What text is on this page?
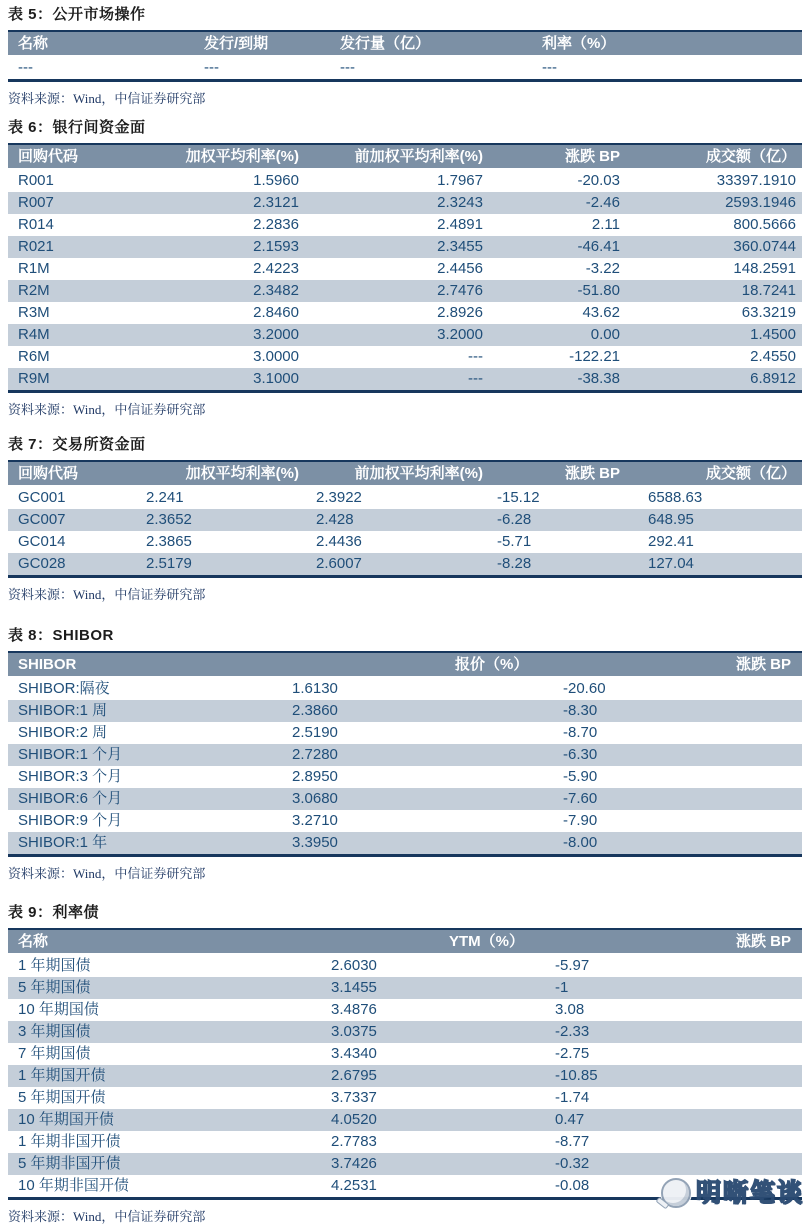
表 5：公开市场操作
名称	发行/到期	发行量（亿）	利率（%）
---	---	---	---
资料来源：Wind，中信证券研究部
表 6：银行间资金面
回购代码	加权平均利率(%)	前加权平均利率(%)	涨跌 BP	成交额（亿）
R001	1.5960	1.7967	-20.03	33397.1910
R007	2.3121	2.3243	-2.46	2593.1946
R014	2.2836	2.4891	2.11	800.5666
R021	2.1593	2.3455	-46.41	360.0744
R1M	2.4223	2.4456	-3.22	148.2591
R2M	2.3482	2.7476	-51.80	18.7241
R3M	2.8460	2.8926	43.62	63.3219
R4M	3.2000	3.2000	0.00	1.4500
R6M	3.0000	---	-122.21	2.4550
R9M	3.1000	---	-38.38	6.8912
资料来源：Wind，中信证券研究部
表 7：交易所资金面
回购代码	加权平均利率(%)	前加权平均利率(%)	涨跌 BP	成交额（亿）
GC001	2.241	2.3922	-15.12	6588.63
GC007	2.3652	2.428	-6.28	648.95
GC014	2.3865	2.4436	-5.71	292.41
GC028	2.5179	2.6007	-8.28	127.04
资料来源：Wind，中信证券研究部
表 8：SHIBOR
SHIBOR	报价（%）	涨跌 BP
SHIBOR:隔夜	1.6130	-20.60
SHIBOR:1 周	2.3860	-8.30
SHIBOR:2 周	2.5190	-8.70
SHIBOR:1 个月	2.7280	-6.30
SHIBOR:3 个月	2.8950	-5.90
SHIBOR:6 个月	3.0680	-7.60
SHIBOR:9 个月	3.2710	-7.90
SHIBOR:1 年	3.3950	-8.00
资料来源：Wind，中信证券研究部
表 9：利率债
名称	YTM（%）	涨跌 BP
1 年期国债	2.6030	-5.97
5 年期国债	3.1455	-1
10 年期国债	3.4876	3.08
3 年期国债	3.0375	-2.33
7 年期国债	3.4340	-2.75
1 年期国开债	2.6795	-10.85
5 年期国开债	3.7337	-1.74
10 年期国开债	4.0520	0.47
1 年期非国开债	2.7783	-8.77
5 年期非国开债	3.7426	-0.32
10 年期非国开债	4.2531	-0.08	明晰笔谈
资料来源：Wind，中信证券研究部
